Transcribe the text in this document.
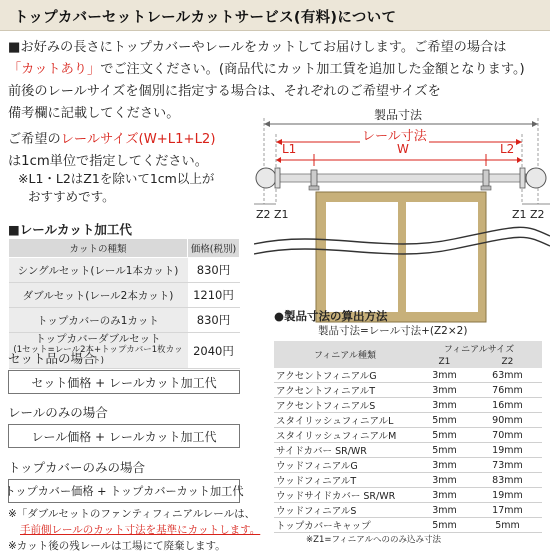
トップカバーセットレールカットサービス(有料)について
■お好みの長さにトップカバーやレールをカットしてお届けします。ご希望の場合は
「カットあり」でご注文ください。(商品代にカット加工賃を追加した金額となります。)
前後のレールサイズを個別に指定する場合は、それぞれのご希望サイズを
備考欄に記載してください。
ご希望のレールサイズ(W+L1+L2)
は1cm単位で指定してください。
※L1・L2はZ1を除いて1cm以上が
おすすめです。
製品寸法
レール寸法
L1	W	L2
Z2 Z1	Z1 Z2
■レールカット加工代
カットの種類	価格(税別)
シングルセット(レール1本カット)	830円
ダブルセット(レール2本カット)	1210円
トップカバーのみ1カット	830円

トップカバーダブルセット
(1セット=レール2本+トップカバー1枚カット)	2040円
セット品の場合
セット価格 + レールカット加工代
レールのみの場合
レール価格 + レールカット加工代
トップカバーのみの場合
トップカバー価格 + トップカバーカット加工代
●製品寸法の算出方法
製品寸法=レール寸法+(Z2×2)
フィニアル種類	フィニアルサイズ	
	Z1	Z2
アクセントフィニアルG	3mm	63mm
アクセントフィニアルT	3mm	76mm
アクセントフィニアルS	3mm	16mm
スタイリッシュフィニアルL	5mm	90mm
スタイリッシュフィニアルM	5mm	70mm
サイドカバー SR/WR	5mm	19mm
ウッドフィニアルG	3mm	73mm
ウッドフィニアルT	3mm	83mm
ウッドサイドカバー SR/WR	3mm	19mm
ウッドフィニアルS	3mm	17mm
トップカバーキャップ	5mm	5mm
※Z1=フィニアルへののみ込み寸法
※「ダブルセットのファンティフィニアルレールは、
手前側レールのカット寸法を基準にカットします。
※カット後の残レールは工場にて廃棄します。
